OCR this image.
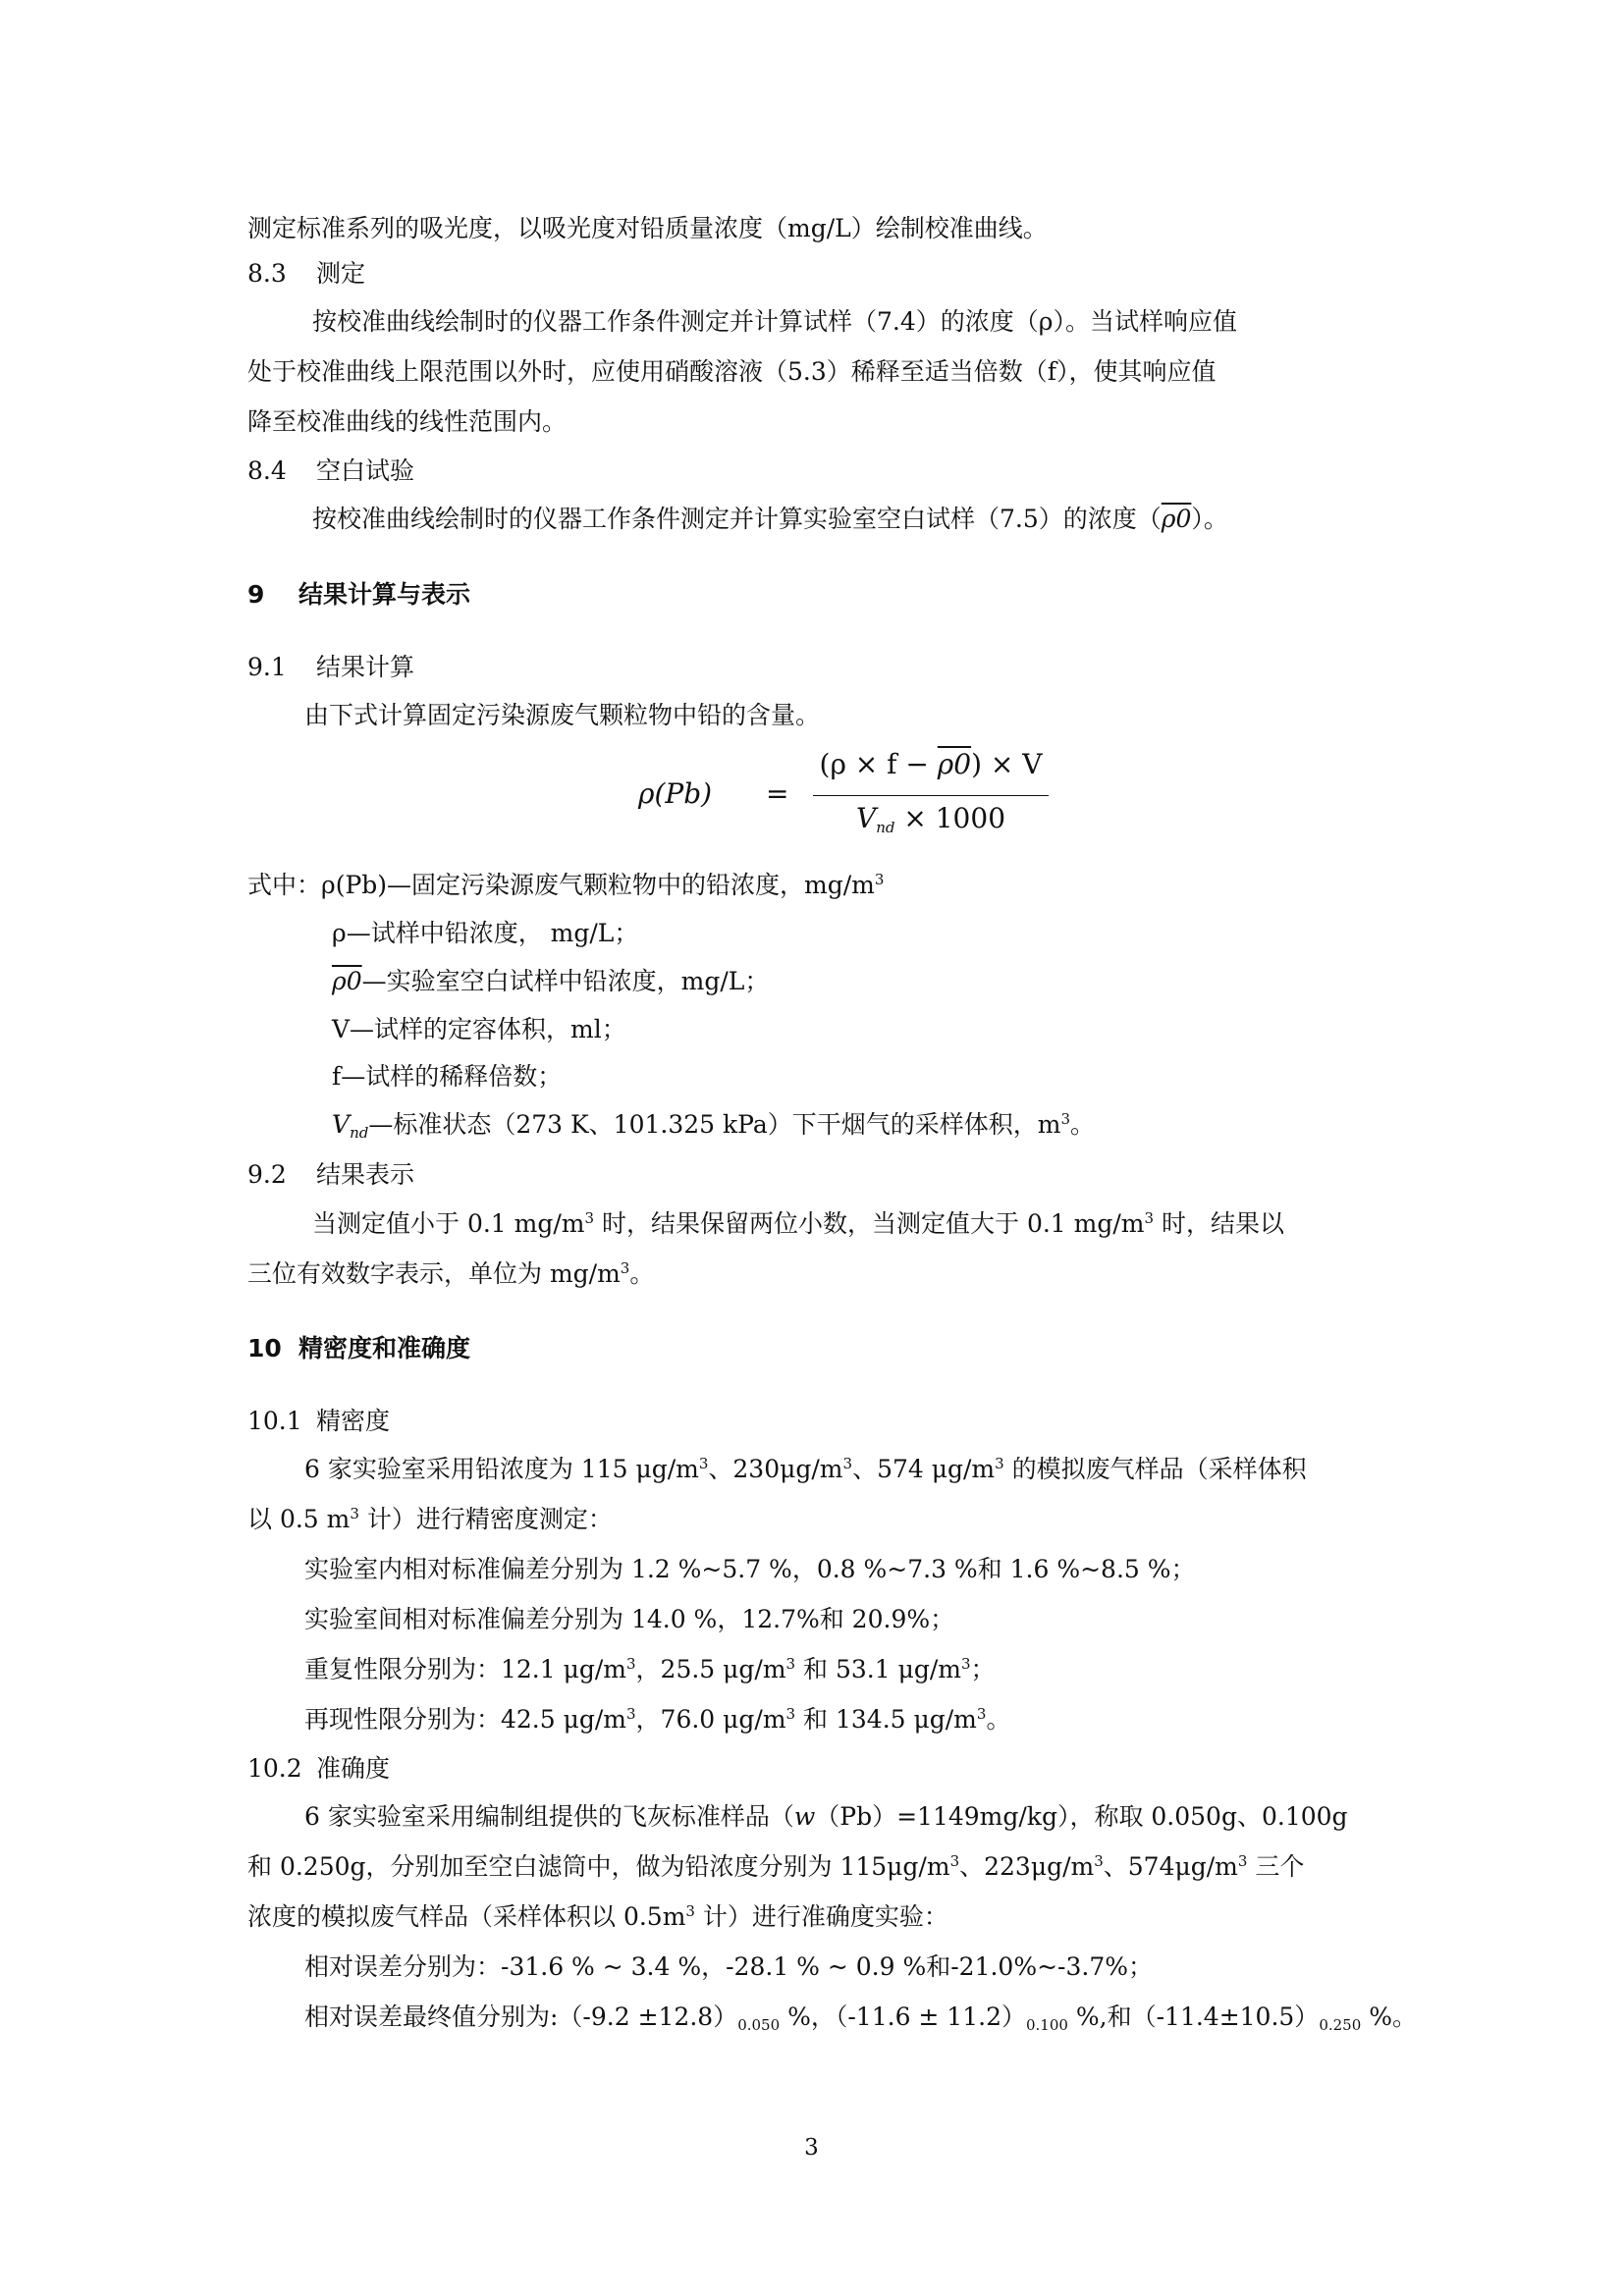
测定标准系列的吸光度，以吸光度对铅质量浓度（mg/L）绘制校准曲线。

8.3 测定

按校准曲线绘制时的仪器工作条件测定并计算试样（7.4）的浓度（ρ）。当试样响应值

处于校准曲线上限范围以外时，应使用硝酸溶液（5.3）稀释至适当倍数（f），使其响应值

降至校准曲线的线性范围内。

8.4 空白试验

按校准曲线绘制时的仪器工作条件测定并计算实验室空白试样（7.5）的浓度（ρ0）。

9 结果计算与表示
9.1 结果计算

由下式计算固定污染源废气颗粒物中铅的含量。

ρ(Pb) =
(ρ × f − ρ0) × V
$V_{nd} \times 1000$

式中：ρ(Pb)—固定污染源废气颗粒物中的铅浓度，$mg/m^3$

ρ—试样中铅浓度， mg/L；

ρ0—实验室空白试样中铅浓度，mg/L；

V—试样的定容体积，ml；

f—试样的稀释倍数；

$V_{nd}—$标准状态（273 K、101.325 kPa）下干烟气的采样体积，$m^3$。

9.2 结果表示

当测定值小于 0.1 $mg/m^3$ 时，结果保留两位小数，当测定值大于 0.1 $mg/m^3$ 时，结果以

三位有效数字表示，单位为 $mg/m^3$。

10 精密度和准确度
10.1 精密度

6 家实验室采用铅浓度为 115 $\mu g/m^3$、$230\mu g/m^3$、574 $\mu g/m^3$ 的模拟废气样品（采样体积

以 0.5 $m^3$ 计）进行精密度测定：

实验室内相对标准偏差分别为 1.2 %~5.7 %，0.8 %~7.3 %和 1.6 %~8.5 %；

实验室间相对标准偏差分别为 14.0 %，12.7%和 20.9%；

重复性限分别为：12.1 $\mu g/m^3$，25.5 $\mu g/m^3$ 和 53.1 $\mu g/m^3$；

再现性限分别为：42.5 $\mu g/m^3$，76.0 $\mu g/m^3$ 和 134.5 $\mu g/m^3$。

10.2 准确度

6 家实验室采用编制组提供的飞灰标准样品（w（Pb）=1149mg/kg），称取 0.050g、0.100g

和 0.250g，分别加至空白滤筒中，做为铅浓度分别为 $115\mu g/m^3$、$223\mu g/m^3$、$574\mu g/m^3$ 三个

浓度的模拟废气样品（采样体积以 $0.5m^3$ 计）进行准确度实验：

相对误差分别为：-31.6 % ~ 3.4 %，-28.1 % ~ 0.9 %和-21.0%~-3.7%；

相对误差最终值分别为:（-9.2 $\pm 12.8)_{0.050}$ %，$(-11.6 \pm 11.2)_{0.100}$ %,和$(-11.4\pm 10.5)_{0.250}$ %。

3
